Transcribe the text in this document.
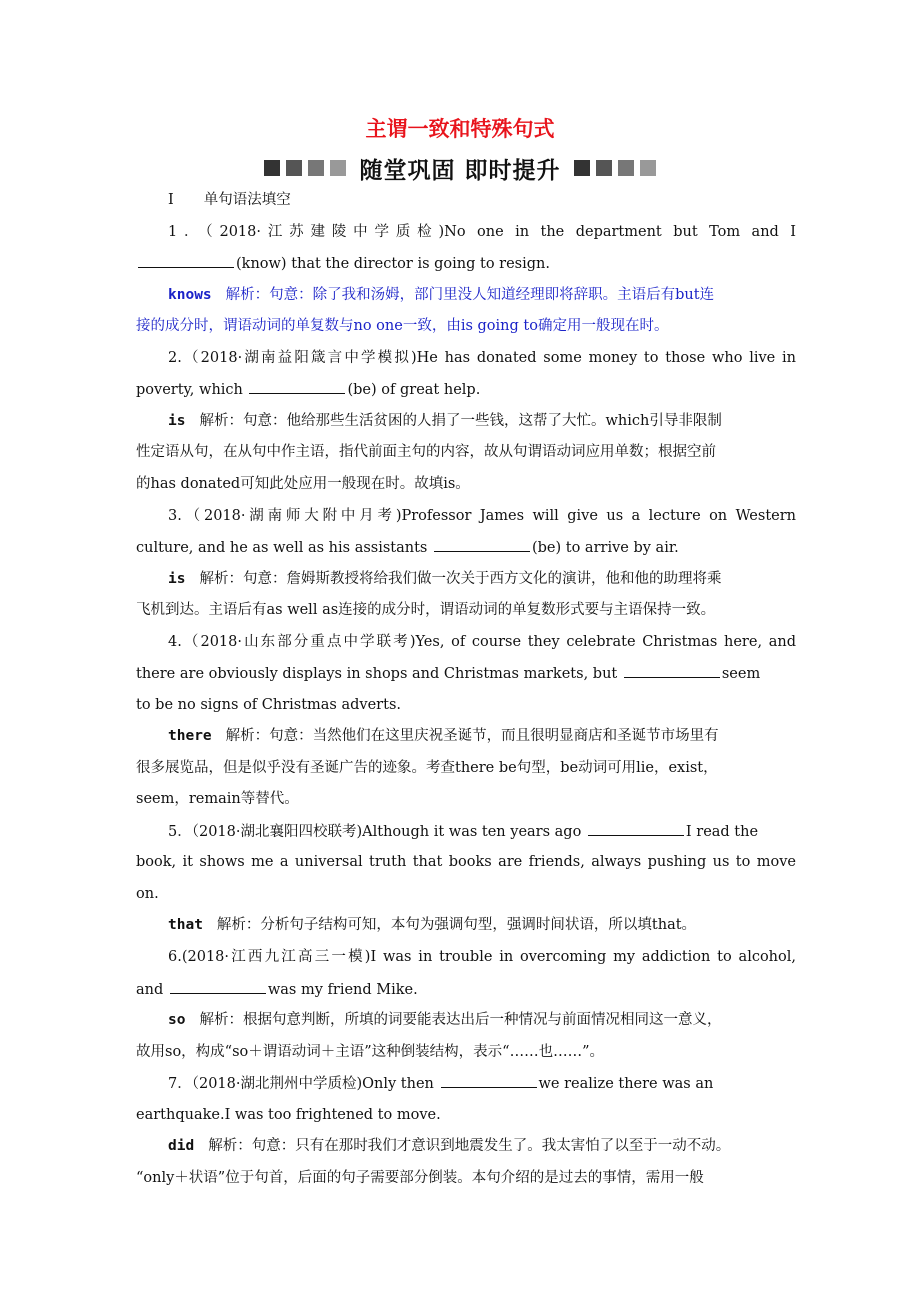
主谓一致和特殊句式
随堂巩固 即时提升
Ⅰ 单句语法填空
1．（2018·江苏建陵中学质检)No one in the department but Tom and I
(know) that the director is going to resign.
knows 解析：句意：除了我和汤姆，部门里没人知道经理即将辞职。主语后有but连
接的成分时，谓语动词的单复数与no one一致，由is going to确定用一般现在时。
2.（2018·湖南益阳箴言中学模拟)He has donated some money to those who live in
poverty, which	(be) of great help.
is 解析：句意：他给那些生活贫困的人捐了一些钱，这帮了大忙。which引导非限制
性定语从句，在从句中作主语，指代前面主句的内容，故从句谓语动词应用单数；根据空前
的has donated可知此处应用一般现在时。故填is。
3.（2018·湖南师大附中月考)Professor James will give us a lecture on Western
culture, and he as well as his assistants	(be) to arrive by air.
is 解析：句意：詹姆斯教授将给我们做一次关于西方文化的演讲，他和他的助理将乘
飞机到达。主语后有as well as连接的成分时，谓语动词的单复数形式要与主语保持一致。
4.（2018·山东部分重点中学联考)Yes, of course they celebrate Christmas here, and
there are obviously displays in shops and Christmas markets, but	seem
to be no signs of Christmas adverts.
there 解析：句意：当然他们在这里庆祝圣诞节，而且很明显商店和圣诞节市场里有
很多展览品，但是似乎没有圣诞广告的迹象。考查there be句型，be动词可用lie，exist，
seem，remain等替代。
5．（2018·湖北襄阳四校联考)Although it was ten years ago	I read the
book, it shows me a universal truth that books are friends, always pushing us to move
on.
that 解析：分析句子结构可知，本句为强调句型，强调时间状语，所以填that。
6.(2018·江西九江高三一模)I was in trouble in overcoming my addiction to alcohol,
and	was my friend Mike.
so 解析：根据句意判断，所填的词要能表达出后一种情况与前面情况相同这一意义，
故用so，构成“so＋谓语动词＋主语”这种倒装结构，表示“……也……”。
7．（2018·湖北荆州中学质检)Only then	we realize there was an
earthquake.I was too frightened to move.
did 解析：句意：只有在那时我们才意识到地震发生了。我太害怕了以至于一动不动。
“only＋状语”位于句首，后面的句子需要部分倒装。本句介绍的是过去的事情，需用一般
